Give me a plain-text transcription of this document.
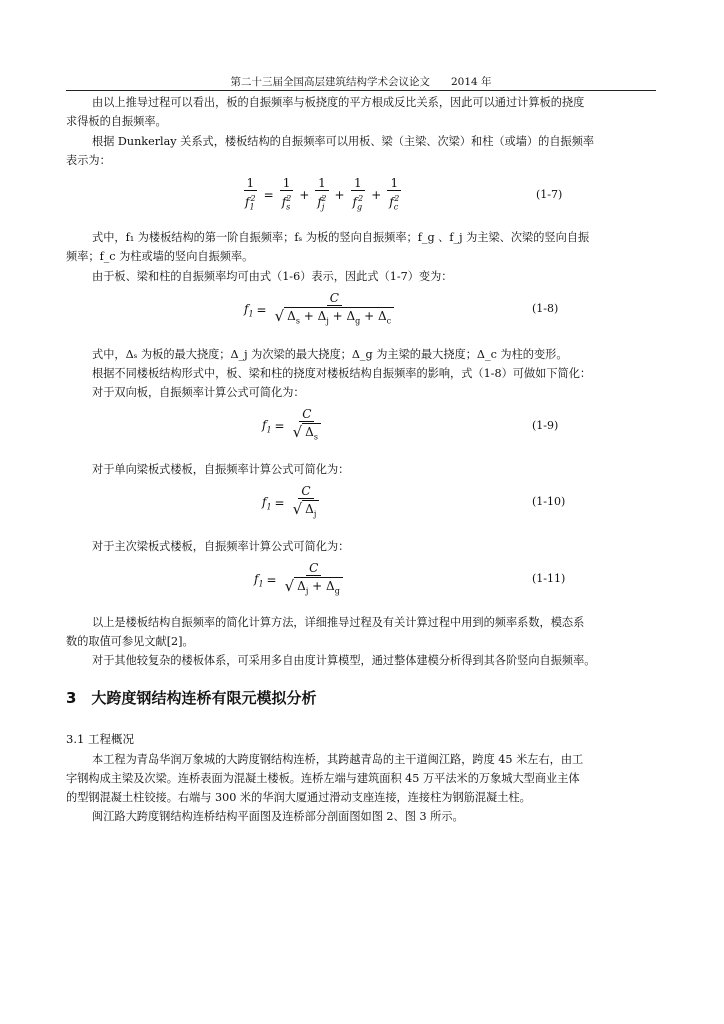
第二十三届全国高层建筑结构学术会议论文　　2014 年
由以上推导过程可以看出，板的自振频率与板挠度的平方根成反比关系，因此可以通过计算板的挠度
求得板的自振频率。
根据 Dunkerlay 关系式，楼板结构的自振频率可以用板、梁（主梁、次梁）和柱（或墙）的自振频率
表示为：
$\frac{1}{f_1^2} = \frac{1}{f_s^2} + \frac{1}{f_j^2} + \frac{1}{f_g^2} + \frac{1}{f_c^2}$	(1-7)
式中，f₁ 为楼板结构的第一阶自振频率；fₛ 为板的竖向自振频率；f_g 、f_j 为主梁、次梁的竖向自振
频率；f_c 为柱或墙的竖向自振频率。
由于板、梁和柱的自振频率均可由式（1-6）表示，因此式（1-7）变为：
$f_1 = \frac{C}{√ \Delta_s + \Delta_j + \Delta_g + \Delta_c}$	(1-8)
式中，Δₛ 为板的最大挠度；Δ_j 为次梁的最大挠度；Δ_g 为主梁的最大挠度；Δ_c 为柱的变形。
根据不同楼板结构形式中，板、梁和柱的挠度对楼板结构自振频率的影响，式（1-8）可做如下简化：
对于双向板，自振频率计算公式可简化为：
$f_1 = \frac{C}{√ \Delta_s}$	(1-9)
对于单向梁板式楼板，自振频率计算公式可简化为：
$f_1 = \frac{C}{√ \Delta_j}$	(1-10)
对于主次梁板式楼板，自振频率计算公式可简化为：
$f_1 = \frac{C}{√ \Delta_j + \Delta_g}$	(1-11)
以上是楼板结构自振频率的简化计算方法，详细推导过程及有关计算过程中用到的频率系数，模态系
数的取值可参见文献[2]。
对于其他较复杂的楼板体系，可采用多自由度计算模型，通过整体建模分析得到其各阶竖向自振频率。
3　大跨度钢结构连桥有限元模拟分析
3.1 工程概况
本工程为青岛华润万象城的大跨度钢结构连桥，其跨越青岛的主干道闽江路，跨度 45 米左右，由工
字钢构成主梁及次梁。连桥表面为混凝土楼板。连桥左端与建筑面积 45 万平法米的万象城大型商业主体
的型钢混凝土柱铰接。右端与 300 米的华润大厦通过滑动支座连接，连接柱为钢筋混凝土柱。
闽江路大跨度钢结构连桥结构平面图及连桥部分剖面图如图 2、图 3 所示。
